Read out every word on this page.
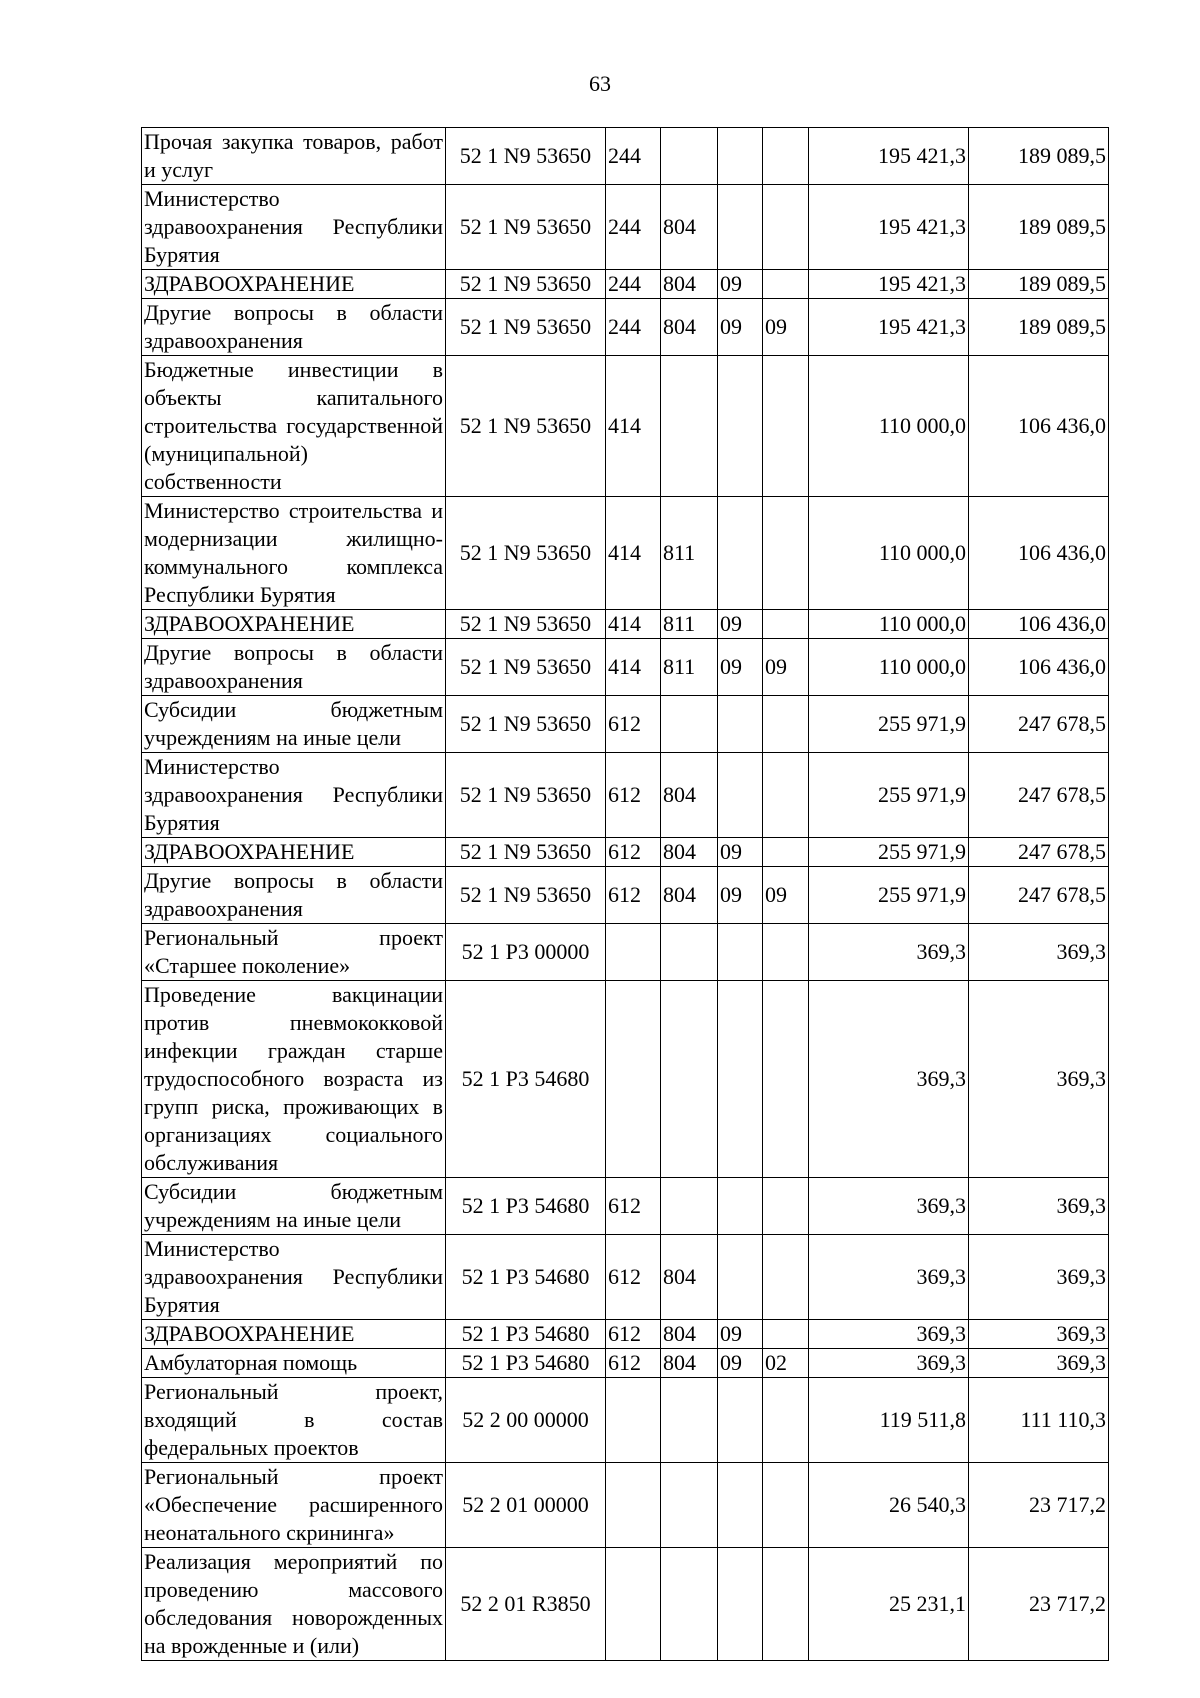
63
Прочая закупка товаров, работ и услуг	52 1 N9 53650	244				195 421,3	189 089,5
Министерство здравоохранения Республики Бурятия	52 1 N9 53650	244	804			195 421,3	189 089,5
ЗДРАВООХРАНЕНИЕ	52 1 N9 53650	244	804	09		195 421,3	189 089,5
Другие вопросы в области здравоохранения	52 1 N9 53650	244	804	09	09	195 421,3	189 089,5
Бюджетные инвестиции в объекты капитального строительства государственной (муниципальной) собственности	52 1 N9 53650	414				110 000,0	106 436,0
Министерство строительства и модернизации жилищно-коммунального комплекса Республики Бурятия	52 1 N9 53650	414	811			110 000,0	106 436,0
ЗДРАВООХРАНЕНИЕ	52 1 N9 53650	414	811	09		110 000,0	106 436,0
Другие вопросы в области здравоохранения	52 1 N9 53650	414	811	09	09	110 000,0	106 436,0
Субсидии бюджетным учреждениям на иные цели	52 1 N9 53650	612				255 971,9	247 678,5
Министерство здравоохранения Республики Бурятия	52 1 N9 53650	612	804			255 971,9	247 678,5
ЗДРАВООХРАНЕНИЕ	52 1 N9 53650	612	804	09		255 971,9	247 678,5
Другие вопросы в области здравоохранения	52 1 N9 53650	612	804	09	09	255 971,9	247 678,5
Региональный проект «Старшее поколение»	52 1 P3 00000					369,3	369,3
Проведение вакцинации против пневмококковой инфекции граждан старше трудоспособного возраста из групп риска, проживающих в организациях социального обслуживания	52 1 P3 54680					369,3	369,3
Субсидии бюджетным учреждениям на иные цели	52 1 P3 54680	612				369,3	369,3
Министерство здравоохранения Республики Бурятия	52 1 P3 54680	612	804			369,3	369,3
ЗДРАВООХРАНЕНИЕ	52 1 P3 54680	612	804	09		369,3	369,3
Амбулаторная помощь	52 1 P3 54680	612	804	09	02	369,3	369,3
Региональный проект, входящий в состав федеральных проектов	52 2 00 00000					119 511,8	111 110,3
Региональный проект «Обеспечение расширенного неонатального скрининга»	52 2 01 00000					26 540,3	23 717,2
Реализация мероприятий по проведению массового обследования новорожденных на врожденные и (или)	52 2 01 R3850					25 231,1	23 717,2
